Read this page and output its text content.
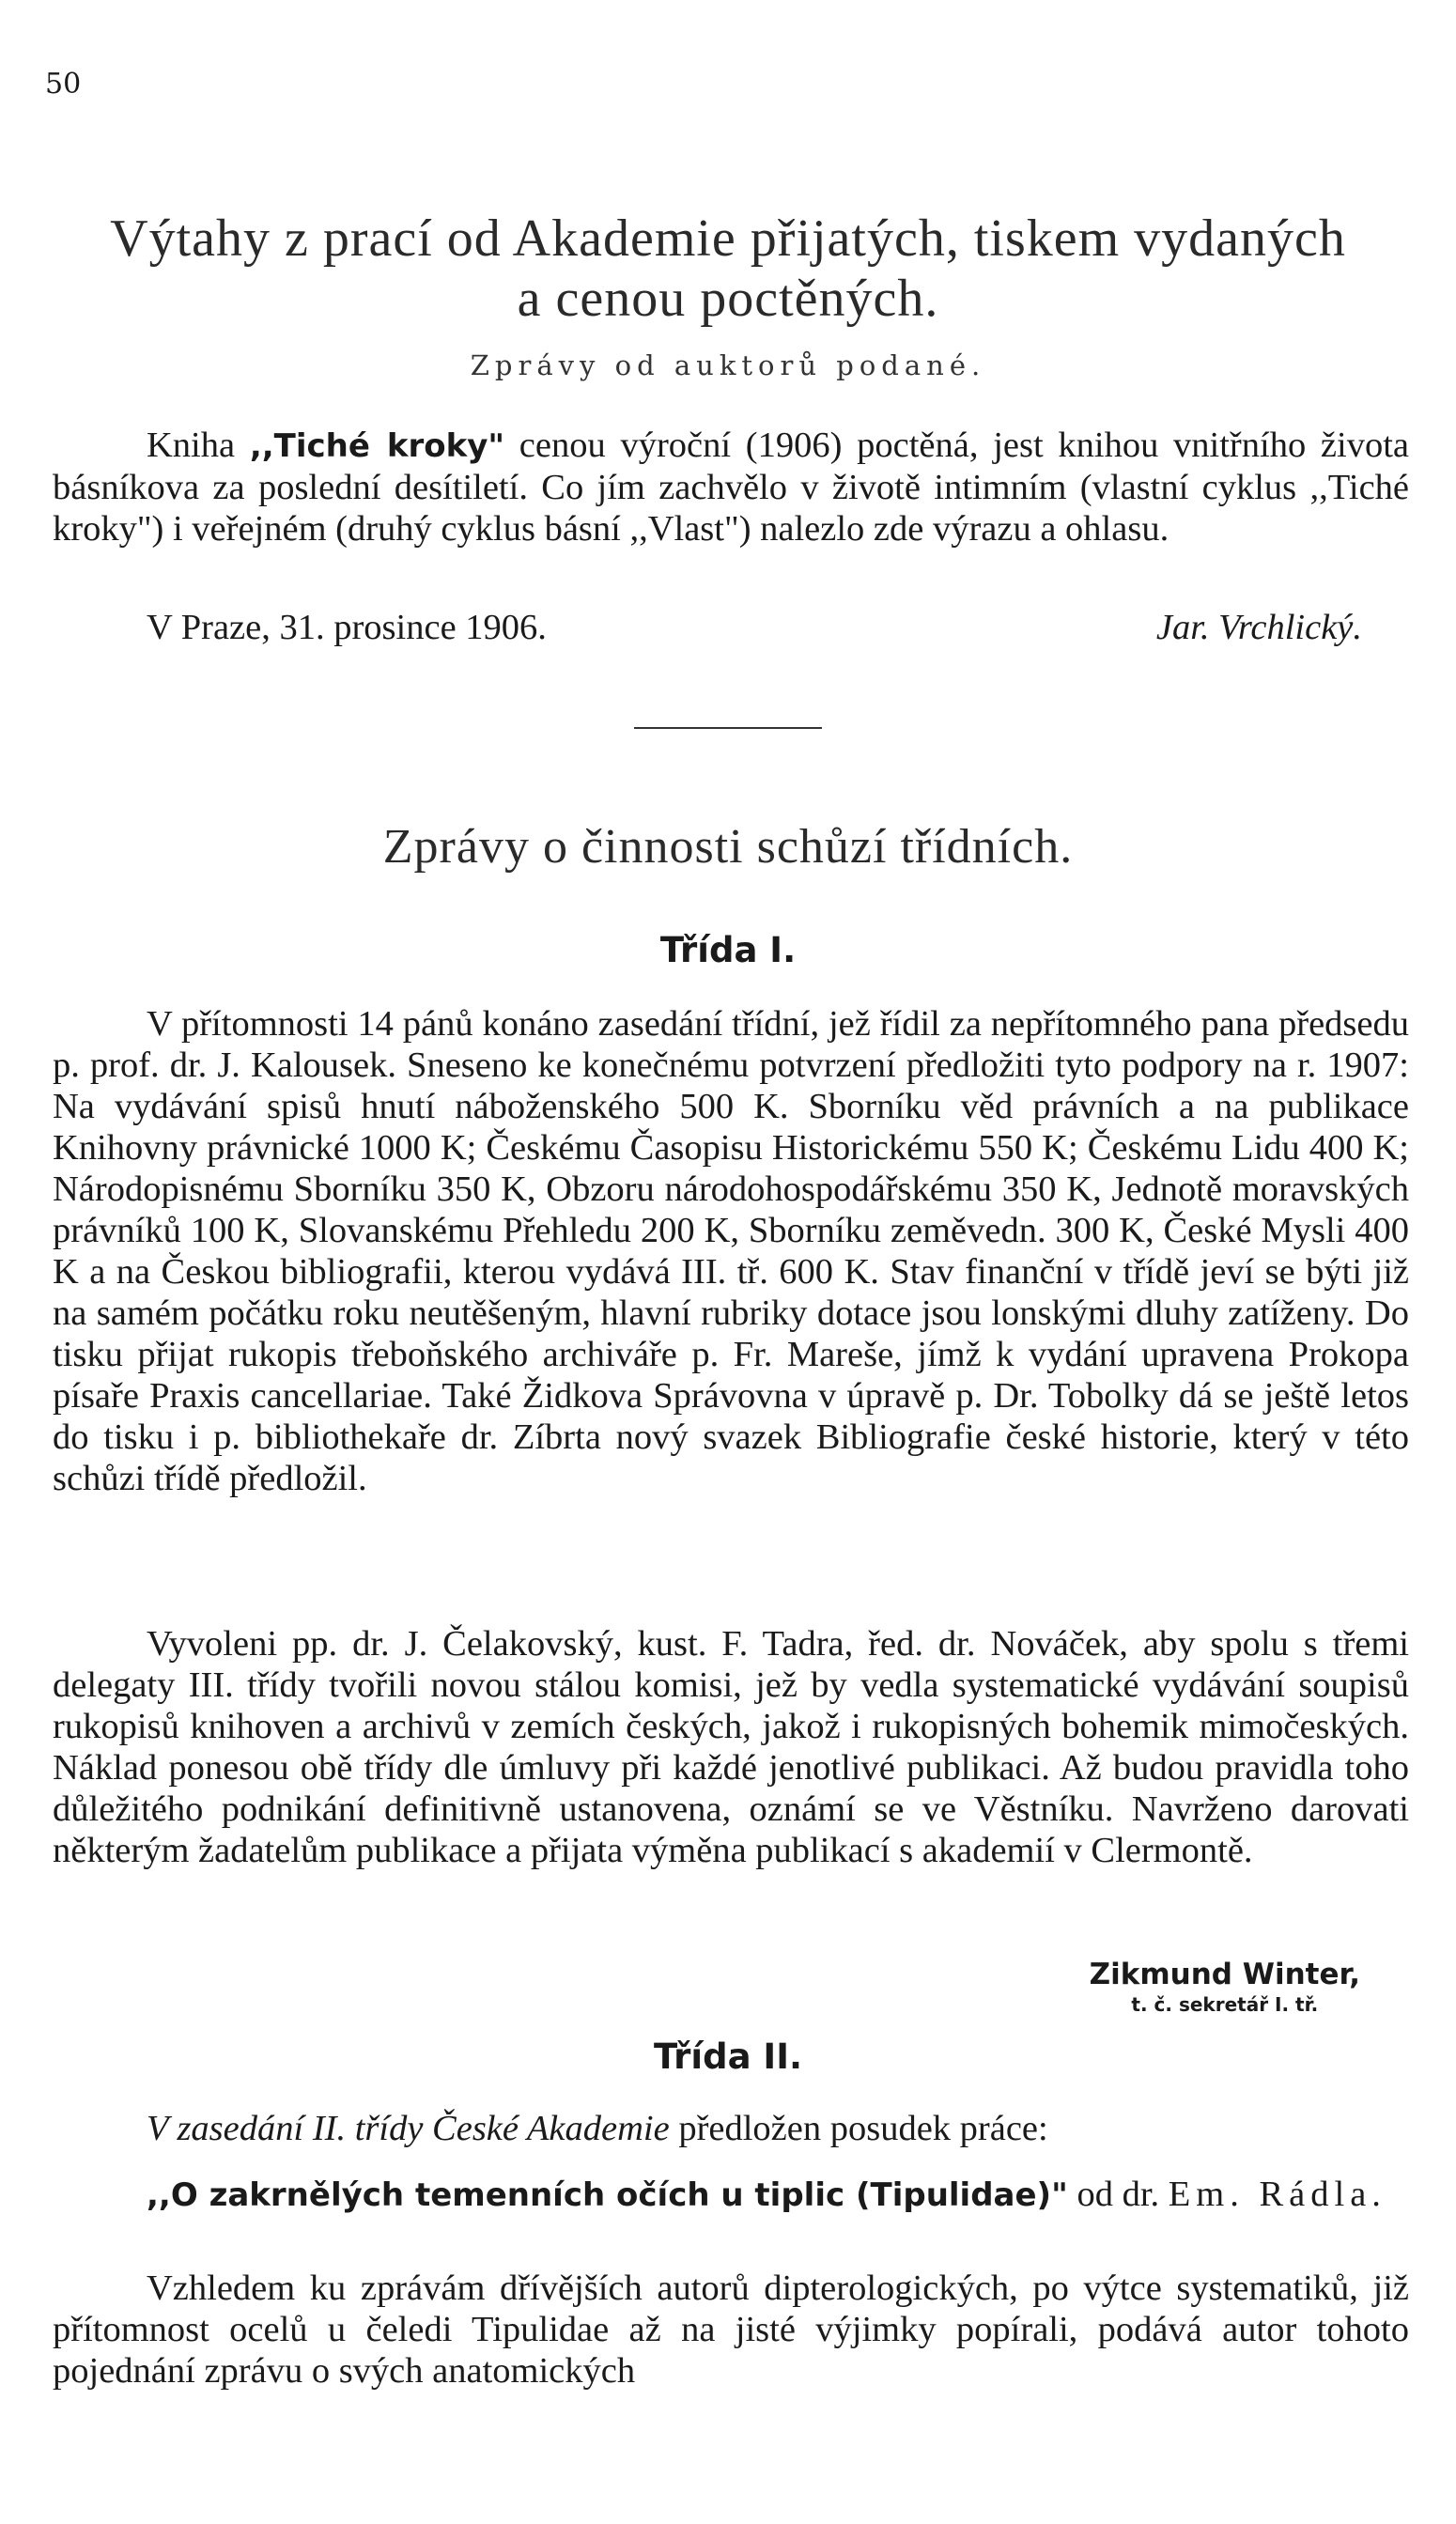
50
Výtahy z prací od Akademie přijatých, tiskem vydaných
a cenou poctěných.
Zprávy od auktorů podané.

Kniha ,,Tiché kroky" cenou výroční (1906) poctěná, jest knihou vnitřního života básníkova za poslední desítiletí. Co jím zachvělo v životě intimním (vlastní cyklus ,,Tiché kroky") i veřejném (druhý cyklus básní ,,Vlast") nalezlo zde výrazu a ohlasu.

V Praze, 31. prosince 1906.	Jar. Vrchlický.
Zprávy o činnosti schůzí třídních.
Třída I.

V přítomnosti 14 pánů konáno zasedání třídní, jež řídil za nepřítomného pana předsedu p. prof. dr. J. Kalousek. Sneseno ke konečnému potvrzení předložiti tyto podpory na r. 1907: Na vydávání spisů hnutí náboženského 500 K. Sborníku věd právních a na publikace Knihovny právnické 1000 K; Českému Časopisu Historickému 550 K; Českému Lidu 400 K; Národopisnému Sborníku 350 K, Obzoru národohospodářskému 350 K, Jednotě moravských právníků 100 K, Slovanskému Přehledu 200 K, Sborníku zeměvedn. 300 K, České Mysli 400 K a na Českou bibliografii, kterou vydává III. tř. 600 K. Stav finanční v třídě jeví se býti již na samém počátku roku neutěšeným, hlavní rubriky dotace jsou lonskými dluhy zatíženy. Do tisku přijat rukopis třeboňského archiváře p. Fr. Mareše, jímž k vydání upravena Prokopa písaře Praxis cancellariae. Také Židkova Správovna v úpravě p. Dr. Tobolky dá se ještě letos do tisku i p. bibliothekaře dr. Zíbrta nový svazek Bibliografie české historie, který v této schůzi třídě předložil.

Vyvoleni pp. dr. J. Čelakovský, kust. F. Tadra, řed. dr. Nováček, aby spolu s třemi delegaty III. třídy tvořili novou stálou komisi, jež by vedla systematické vydávání soupisů rukopisů knihoven a archivů v zemích českých, jakož i rukopisných bohemik mimočeských. Náklad ponesou obě třídy dle úmluvy při každé jenotlivé publikaci. Až budou pravidla toho důležitého podnikání definitivně ustanovena, oznámí se ve Věstníku. Navrženo darovati některým žadatelům publikace a přijata výměna publikací s akademií v Clermontě.

Zikmund Winter,
t. č. sekretář I. tř.
Třída II.

V zasedání II. třídy České Akademie předložen posudek práce:

,,O zakrnělých temenních očích u tiplic (Tipulidae)" od dr. Em. Rádla.

Vzhledem ku zprávám dřívějších autorů dipterologických, po výtce systematiků, již přítomnost ocelů u čeledi Tipulidae až na jisté výjimky popírali, podává autor tohoto pojednání zprávu o svých anatomických
